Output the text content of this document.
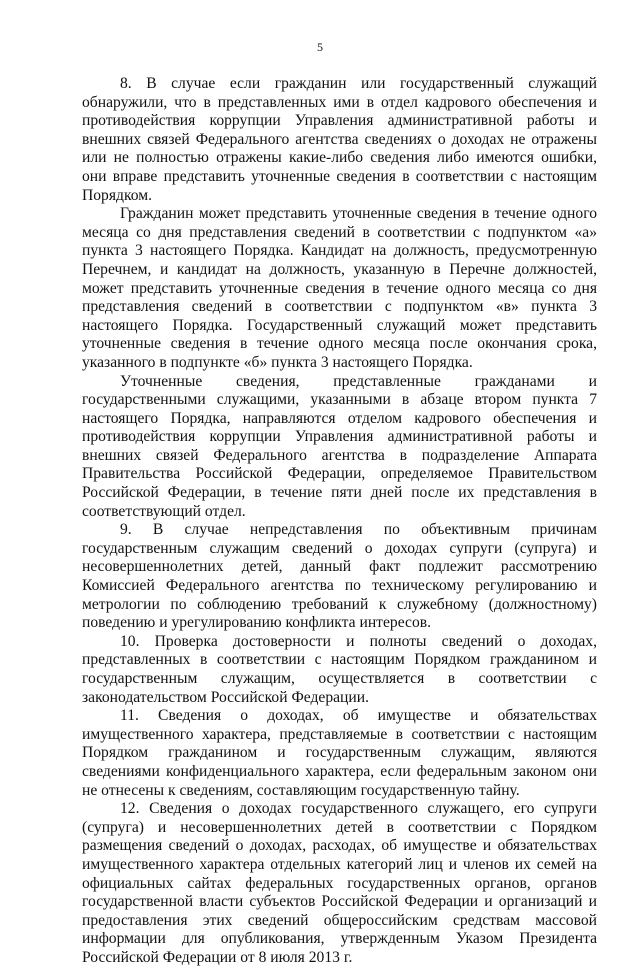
5

8. В случае если гражданин или государственный служащий обнаружили, что в представленных ими в отдел кадрового обеспечения и противодействия коррупции Управления административной работы и внешних связей Федерального агентства сведениях о доходах не отражены или не полностью отражены какие-либо сведения либо имеются ошибки, они вправе представить уточненные сведения в соответствии с настоящим Порядком.

Гражданин может представить уточненные сведения в течение одного месяца со дня представления сведений в соответствии с подпунктом «а» пункта 3 настоящего Порядка. Кандидат на должность, предусмотренную Перечнем, и кандидат на должность, указанную в Перечне должностей, может представить уточненные сведения в течение одного месяца со дня представления сведений в соответствии с подпунктом «в» пункта 3 настоящего Порядка. Государственный служащий может представить уточненные сведения в течение одного месяца после окончания срока, указанного в подпункте «б» пункта 3 настоящего Порядка.

Уточненные сведения, представленные гражданами и государственными служащими, указанными в абзаце втором пункта 7 настоящего Порядка, направляются отделом кадрового обеспечения и противодействия коррупции Управления административной работы и внешних связей Федерального агентства в подразделение Аппарата Правительства Российской Федерации, определяемое Правительством Российской Федерации, в течение пяти дней после их представления в соответствующий отдел.

9. В случае непредставления по объективным причинам государственным служащим сведений о доходах супруги (супруга) и несовершеннолетних детей, данный факт подлежит рассмотрению Комиссией Федерального агентства по техническому регулированию и метрологии по соблюдению требований к служебному (должностному) поведению и урегулированию конфликта интересов.

10. Проверка достоверности и полноты сведений о доходах, представленных в соответствии с настоящим Порядком гражданином и государственным служащим, осуществляется в соответствии с законодательством Российской Федерации.

11. Сведения о доходах, об имуществе и обязательствах имущественного характера, представляемые в соответствии с настоящим Порядком гражданином и государственным служащим, являются сведениями конфиденциального характера, если федеральным законом они не отнесены к сведениям, составляющим государственную тайну.

12. Сведения о доходах государственного служащего, его супруги (супруга) и несовершеннолетних детей в соответствии с Порядком размещения сведений о доходах, расходах, об имуществе и обязательствах имущественного характера отдельных категорий лиц и членов их семей на официальных сайтах федеральных государственных органов, органов государственной власти субъектов Российской Федерации и организаций и предоставления этих сведений общероссийским средствам массовой информации для опубликования, утвержденным Указом Президента Российской Федерации от 8 июля 2013 г.
